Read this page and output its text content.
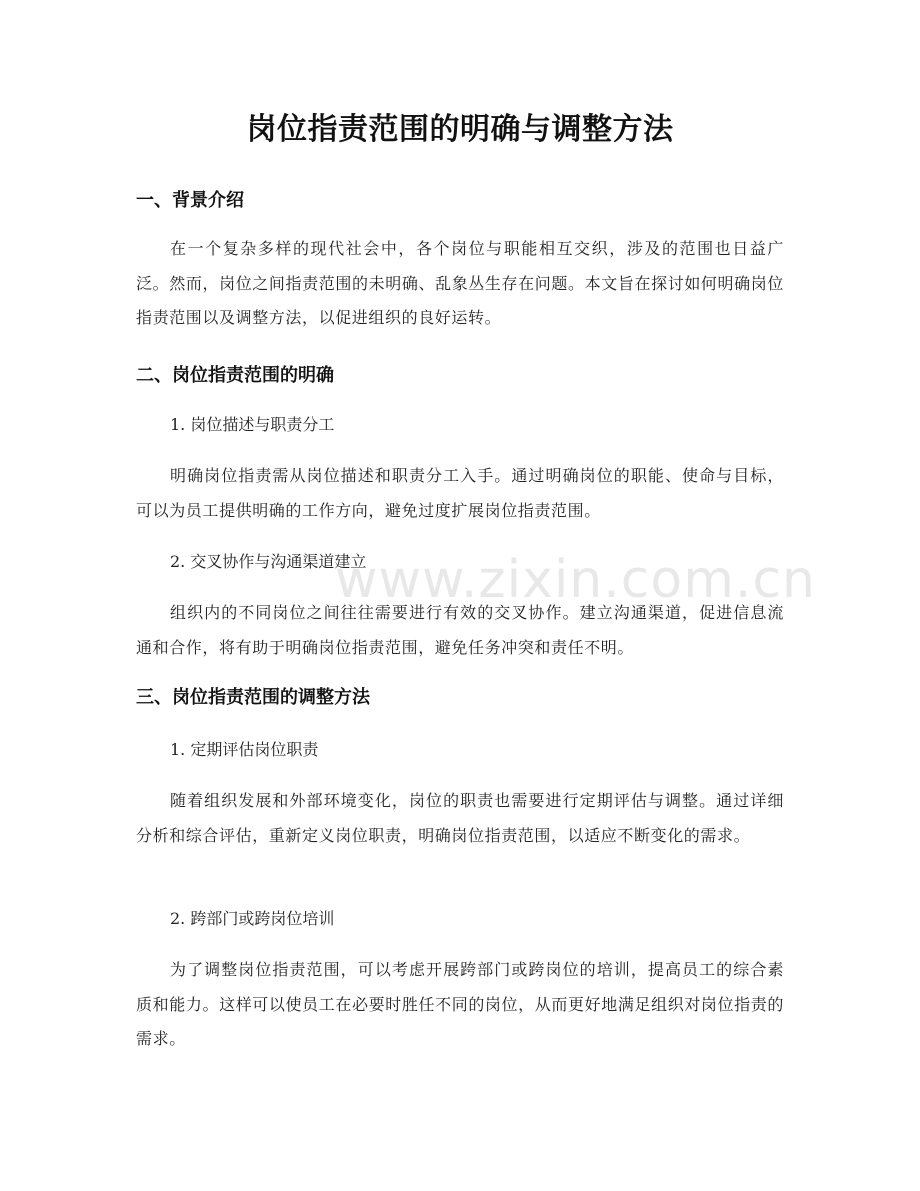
岗位指责范围的明确与调整方法
一、背景介绍
在一个复杂多样的现代社会中，各个岗位与职能相互交织，涉及的范围也日益广泛。然而，岗位之间指责范围的未明确、乱象丛生存在问题。本文旨在探讨如何明确岗位指责范围以及调整方法，以促进组织的良好运转。
二、岗位指责范围的明确
1. 岗位描述与职责分工
明确岗位指责需从岗位描述和职责分工入手。通过明确岗位的职能、使命与目标，可以为员工提供明确的工作方向，避免过度扩展岗位指责范围。
2. 交叉协作与沟通渠道建立
组织内的不同岗位之间往往需要进行有效的交叉协作。建立沟通渠道，促进信息流通和合作，将有助于明确岗位指责范围，避免任务冲突和责任不明。
三、岗位指责范围的调整方法
1. 定期评估岗位职责
随着组织发展和外部环境变化，岗位的职责也需要进行定期评估与调整。通过详细分析和综合评估，重新定义岗位职责，明确岗位指责范围，以适应不断变化的需求。
2. 跨部门或跨岗位培训
为了调整岗位指责范围，可以考虑开展跨部门或跨岗位的培训，提高员工的综合素质和能力。这样可以使员工在必要时胜任不同的岗位，从而更好地满足组织对岗位指责的需求。
www.zixin.com.cn
